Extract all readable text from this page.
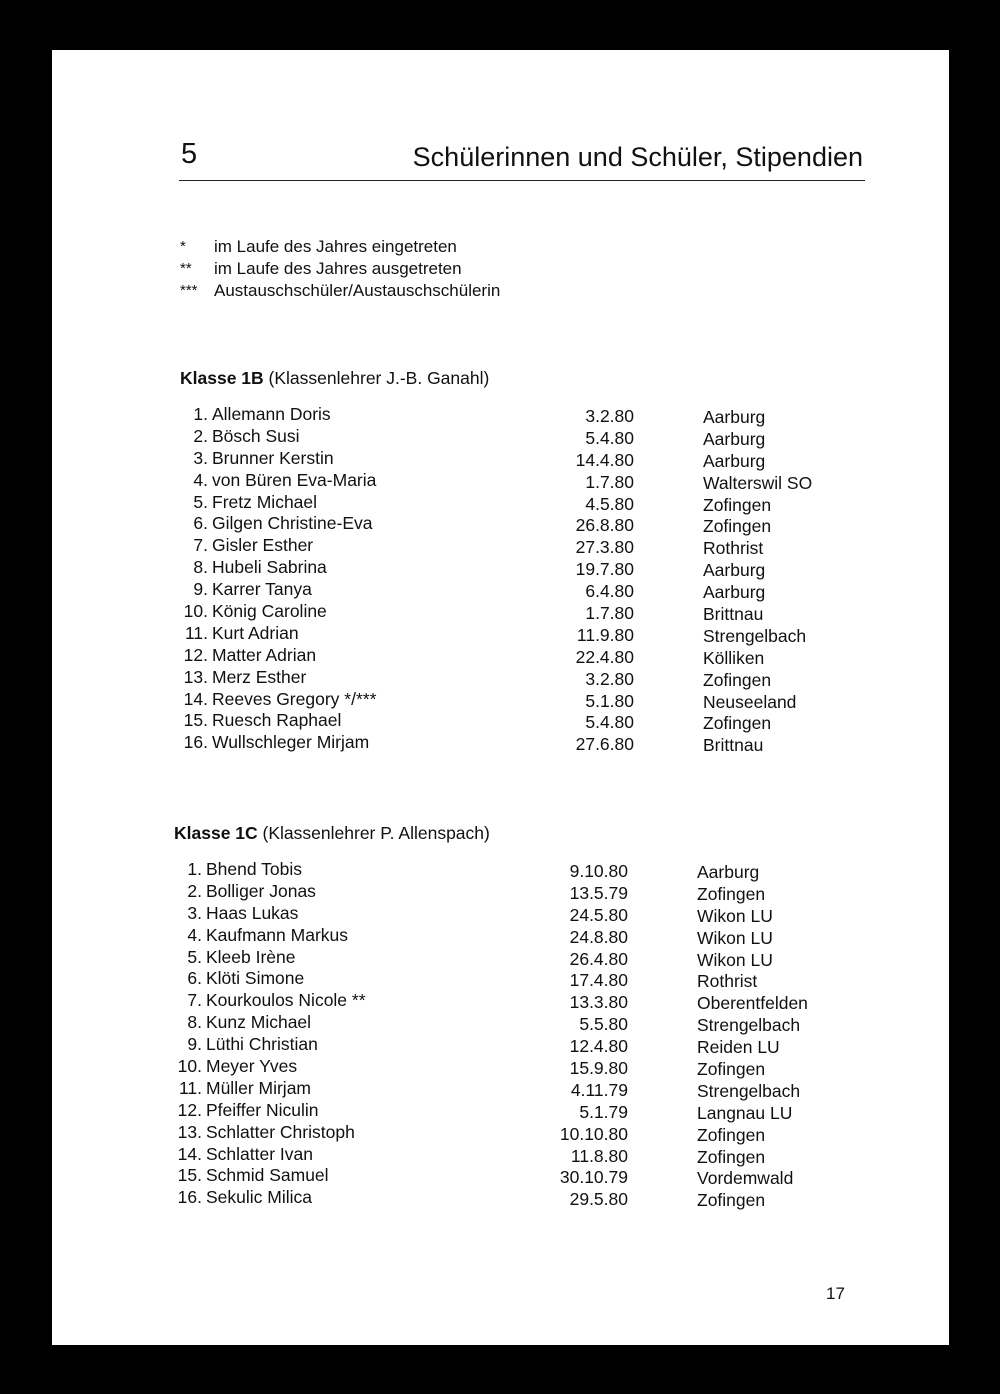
5	Schülerinnen und Schüler, Stipendien
* im Laufe des Jahres eingetreten
** im Laufe des Jahres ausgetreten
*** Austauschschüler/Austauschschülerin
Klasse 1B (Klassenlehrer J.-B. Ganahl)
1. Allemann Doris	3.2.80	Aarburg
2. Bösch Susi	5.4.80	Aarburg
3. Brunner Kerstin	14.4.80	Aarburg
4. von Büren Eva-Maria	1.7.80	Walterswil SO
5. Fretz Michael	4.5.80	Zofingen
6. Gilgen Christine-Eva	26.8.80	Zofingen
7. Gisler Esther	27.3.80	Rothrist
8. Hubeli Sabrina	19.7.80	Aarburg
9. Karrer Tanya	6.4.80	Aarburg
10. König Caroline	1.7.80	Brittnau
11. Kurt Adrian	11.9.80	Strengelbach
12. Matter Adrian	22.4.80	Kölliken
13. Merz Esther	3.2.80	Zofingen
14. Reeves Gregory */***	5.1.80	Neuseeland
15. Ruesch Raphael	5.4.80	Zofingen
16. Wullschleger Mirjam	27.6.80	Brittnau
Klasse 1C (Klassenlehrer P. Allenspach)
1. Bhend Tobis	9.10.80	Aarburg
2. Bolliger Jonas	13.5.79	Zofingen
3. Haas Lukas	24.5.80	Wikon LU
4. Kaufmann Markus	24.8.80	Wikon LU
5. Kleeb Irène	26.4.80	Wikon LU
6. Klöti Simone	17.4.80	Rothrist
7. Kourkoulos Nicole **	13.3.80	Oberentfelden
8. Kunz Michael	5.5.80	Strengelbach
9. Lüthi Christian	12.4.80	Reiden LU
10. Meyer Yves	15.9.80	Zofingen
11. Müller Mirjam	4.11.79	Strengelbach
12. Pfeiffer Niculin	5.1.79	Langnau LU
13. Schlatter Christoph	10.10.80	Zofingen
14. Schlatter Ivan	11.8.80	Zofingen
15. Schmid Samuel	30.10.79	Vordemwald
16. Sekulic Milica	29.5.80	Zofingen
17
